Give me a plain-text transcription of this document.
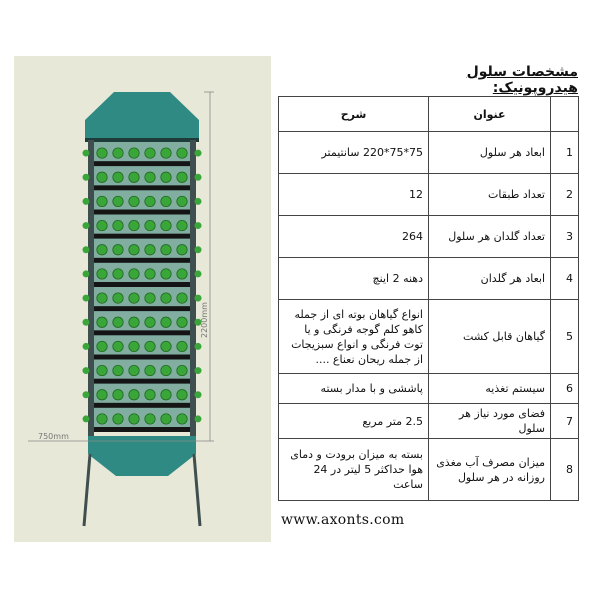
2200mm
750mm
مشخصات سلول هیدروپونیک:
	عنوان	شرح
1	ابعاد هر سلول	75*75*220 سانتیمتر
2	تعداد طبقات	12
3	تعداد گلدان هر سلول	264
4	ابعاد هر گلدان	دهنه 2 اینچ
5	گیاهان قابل کشت	انواع گیاهان بوته ای از جمله کاهو کلم گوجه فرنگی و یا توت فرنگی و انواع سبزیجات از جمله ریحان نعناع ....
6	سیستم تغذیه	پاششی و با مدار بسته
7	فضای مورد نیاز هر سلول	2.5 متر مربع
8	میزان مصرف آب مغذی روزانه در هر سلول	بسته به میزان برودت و دمای هوا حداکثر 5 لیتر در 24 ساعت
www.axonts.com
